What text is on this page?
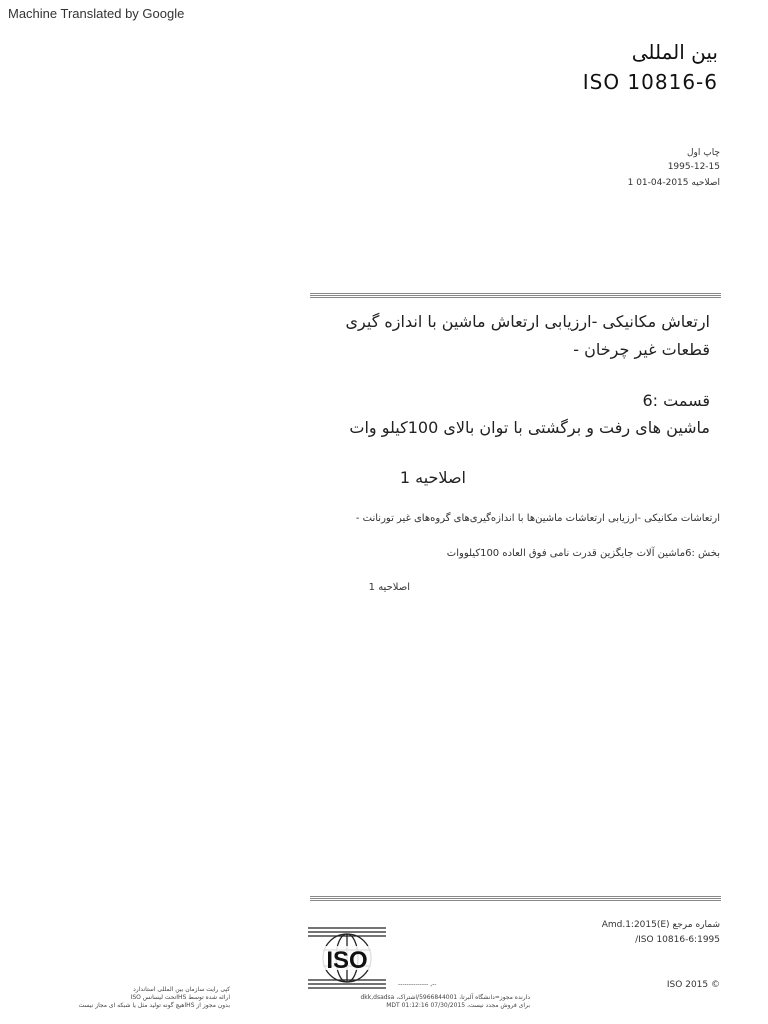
Machine Translated by Google
بین المللی
ISO 10816-6
چاپ اول
1995-12-15
اصلاحیه 2015-04-01 1
ارتعاش مکانیکی -ارزیابی ارتعاش ماشین با اندازه گیری
قطعات غیر چرخان -
قسمت :6
ماشین های رفت و برگشتی با توان بالای 100کیلو وات
اصلاحیه 1
ارتعاشات مکانیکی -ارزیابی ارتعاشات ماشین‌ها با اندازه‌گیری‌های گروه‌های غیر تورنانت -
بخش :6ماشین آلات جایگزین قدرت نامی فوق العاده 100کیلووات
اصلاحیه 1
شماره مرجع Amd.1:2015(E)
ISO 10816-6:1995/
© ISO 2015
ISO
-------------- ,--
کپی رایت سازمان بین المللی استاندارد
ارائه شده توسط IHSتحت لیسانس ISO
بدون مجوز از IHSهیچ گونه تولید مثل یا شبکه ای مجاز نیست
دارنده مجوز=دانشگاه آلبرتا، 5966844001/اشتراک، dkk,dsadsa
برای فروش مجدد نیست، 07/30/2015 01:12:16 MDT
